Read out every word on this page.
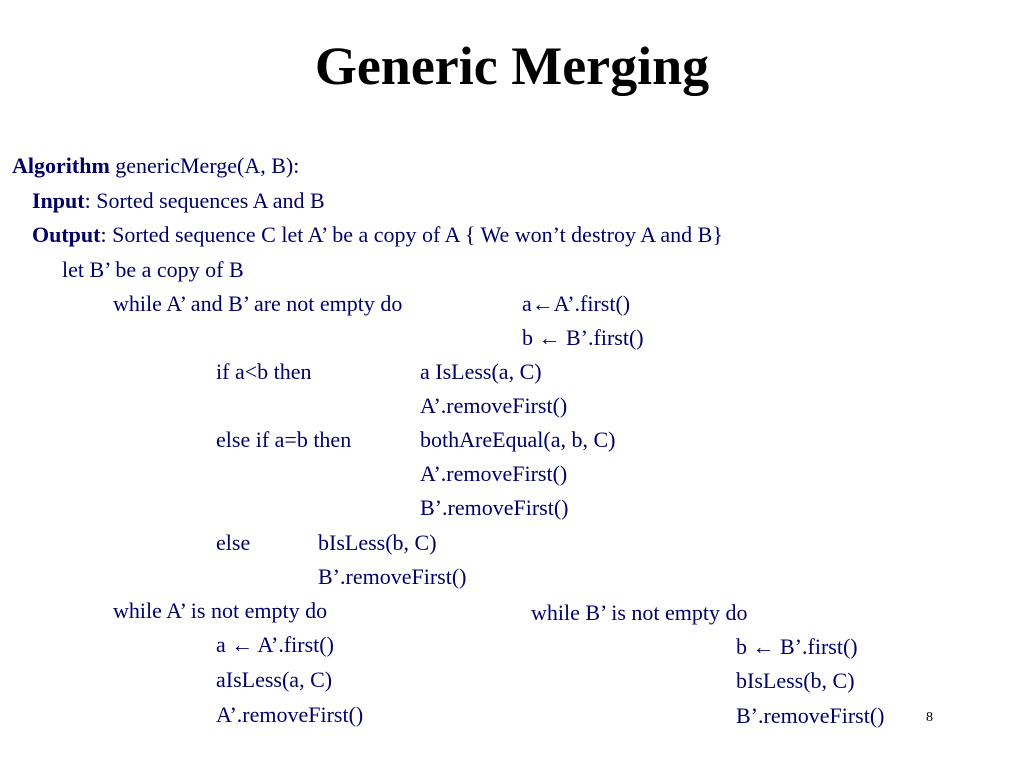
Generic Merging
Algorithm genericMerge(A, B):
Input: Sorted sequences A and B
Output: Sorted sequence C let A’ be a copy of A { We won’t destroy A and B}
let B’ be a copy of B
while A’ and B’ are not empty do	a←A’.first()
b ← B’.first()
if a<b then	a IsLess(a, C)
A’.removeFirst()
else if a=b then	bothAreEqual(a, b, C)
A’.removeFirst()
B’.removeFirst()
else	bIsLess(b, C)
B’.removeFirst()
while A’ is not empty do
a ← A’.first()
aIsLess(a, C)
A’.removeFirst()
while B’ is not empty do
b ← B’.first()
bIsLess(b, C)
B’.removeFirst()	8
